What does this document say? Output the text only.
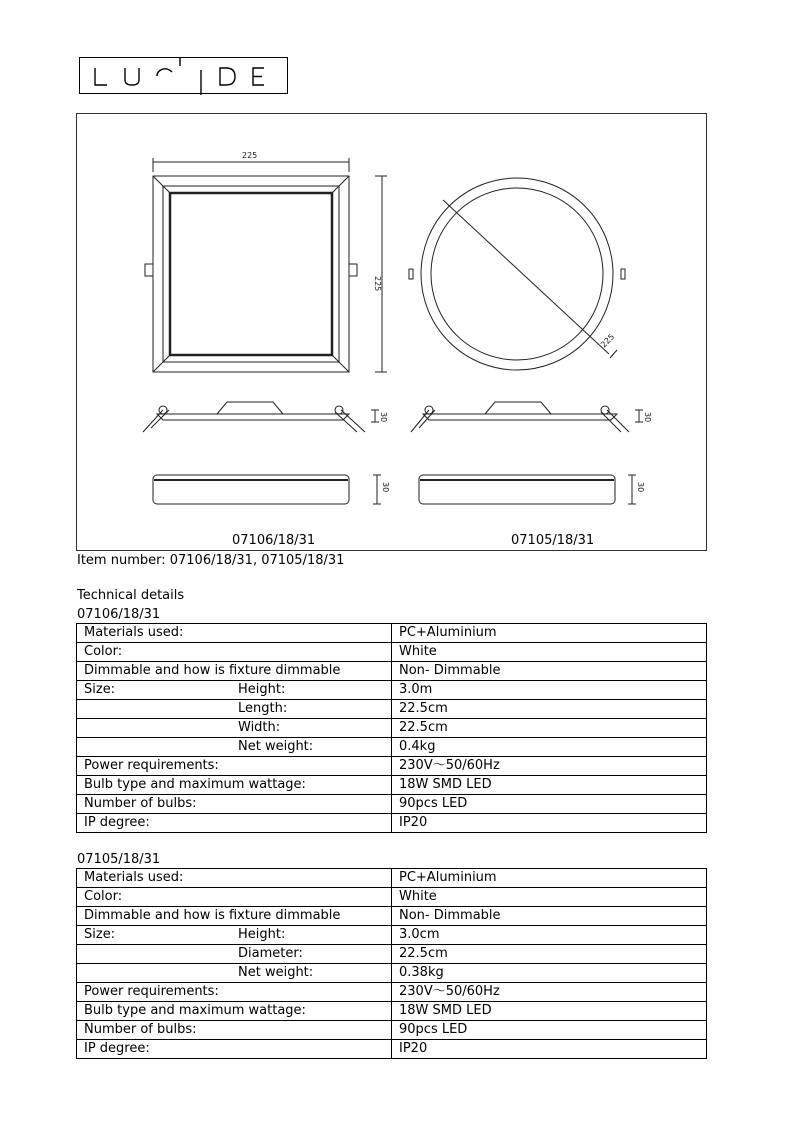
225
225
225
30	30
30	30
07106/18/31	07105/18/31
Item number: 07106/18/31, 07105/18/31
Technical details
07106/18/31
Materials used:	PC+Aluminium
Color:	White
Dimmable and how is fixture dimmable	Non- Dimmable
Size: Height:	3.0m

Length:	22.5cm

Width:	22.5cm

Net weight:	0.4kg
Power requirements:	230V～50/60Hz
Bulb type and maximum wattage:	18W SMD LED
Number of bulbs:	90pcs LED
IP degree:	IP20
07105/18/31
Materials used:	PC+Aluminium
Color:	White
Dimmable and how is fixture dimmable	Non- Dimmable
Size: Height:	3.0cm

Diameter:	22.5cm

Net weight:	0.38kg
Power requirements:	230V～50/60Hz
Bulb type and maximum wattage:	18W SMD LED
Number of bulbs:	90pcs LED
IP degree:	IP20
